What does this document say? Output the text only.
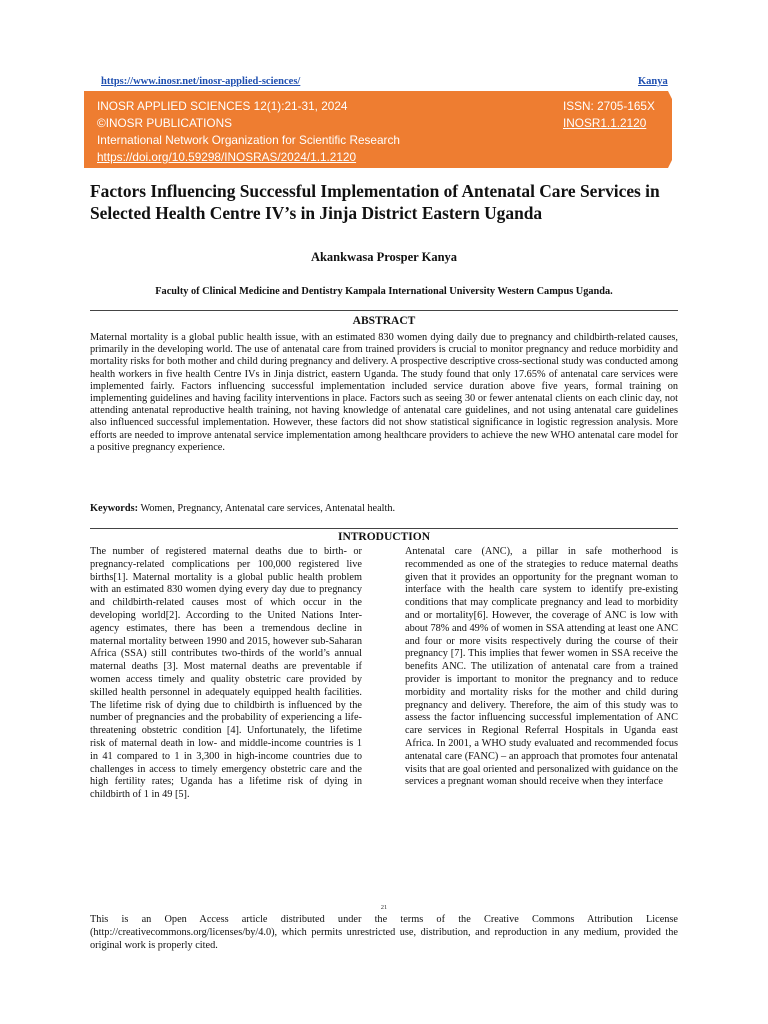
https://www.inosr.net/inosr-applied-sciences/	Kanya
INOSR APPLIED SCIENCES 12(1):21-31, 2024
©INOSR PUBLICATIONS
International Network Organization for Scientific Research
https://doi.org/10.59298/INOSRAS/2024/1.1.2120
ISSN: 2705-165X
INOSR1.1.2120
Factors Influencing Successful Implementation of Antenatal Care Services in Selected Health Centre IV’s in Jinja District Eastern Uganda
Akankwasa Prosper Kanya
Faculty of Clinical Medicine and Dentistry Kampala International University Western Campus Uganda.
ABSTRACT
Maternal mortality is a global public health issue, with an estimated 830 women dying daily due to pregnancy and childbirth-related causes, primarily in the developing world. The use of antenatal care from trained providers is crucial to monitor pregnancy and reduce morbidity and mortality risks for both mother and child during pregnancy and delivery. A prospective descriptive cross-sectional study was conducted among health workers in five health Centre IVs in Jinja district, eastern Uganda. The study found that only 17.65% of antenatal care services were implemented fairly. Factors influencing successful implementation included service duration above five years, formal training on implementing guidelines and having facility interventions in place. Factors such as seeing 30 or fewer antenatal clients on each clinic day, not attending antenatal reproductive health training, not having knowledge of antenatal care guidelines, and not using antenatal care guidelines also influenced successful implementation. However, these factors did not show statistical significance in logistic regression analysis. More efforts are needed to improve antenatal service implementation among healthcare providers to achieve the new WHO antenatal care model for a positive pregnancy experience.
Keywords: Women, Pregnancy, Antenatal care services, Antenatal health.
INTRODUCTION
The number of registered maternal deaths due to birth- or pregnancy-related complications per 100,000 registered live births[1]. Maternal mortality is a global public health problem with an estimated 830 women dying every day due to pregnancy and childbirth-related causes most of which occur in the developing world[2]. According to the United Nations Inter-agency estimates, there has been a tremendous decline in maternal mortality between 1990 and 2015, however sub-Saharan Africa (SSA) still contributes two-thirds of the world’s annual maternal deaths [3]. Most maternal deaths are preventable if women access timely and quality obstetric care provided by skilled health personnel in adequately equipped health facilities. The lifetime risk of dying due to childbirth is influenced by the number of pregnancies and the probability of experiencing a life-threatening obstetric condition [4]. Unfortunately, the lifetime risk of maternal death in low- and middle-income countries is 1 in 41 compared to 1 in 3,300 in high-income countries due to challenges in access to timely emergency obstetric care and the high fertility rates; Uganda has a lifetime risk of dying in childbirth of 1 in 49 [5].
Antenatal care (ANC), a pillar in safe motherhood is recommended as one of the strategies to reduce maternal deaths given that it provides an opportunity for the pregnant woman to interface with the health care system to identify pre-existing conditions that may complicate pregnancy and lead to morbidity and or mortality[6]. However, the coverage of ANC is low with about 78% and 49% of women in SSA attending at least one ANC and four or more visits respectively during the course of their pregnancy [7]. This implies that fewer women in SSA receive the benefits ANC. The utilization of antenatal care from a trained provider is important to monitor the pregnancy and to reduce morbidity and mortality risks for the mother and child during pregnancy and delivery. Therefore, the aim of this study was to assess the factor influencing successful implementation of ANC care services in Regional Referral Hospitals in Uganda east Africa. In 2001, a WHO study evaluated and recommended focus antenatal care (FANC) – an approach that promotes four antenatal visits that are goal oriented and personalized with guidance on the services a pregnant woman should receive when they interface
21
This is an Open Access article distributed under the terms of the Creative Commons Attribution License (http://creativecommons.org/licenses/by/4.0), which permits unrestricted use, distribution, and reproduction in any medium, provided the original work is properly cited.
